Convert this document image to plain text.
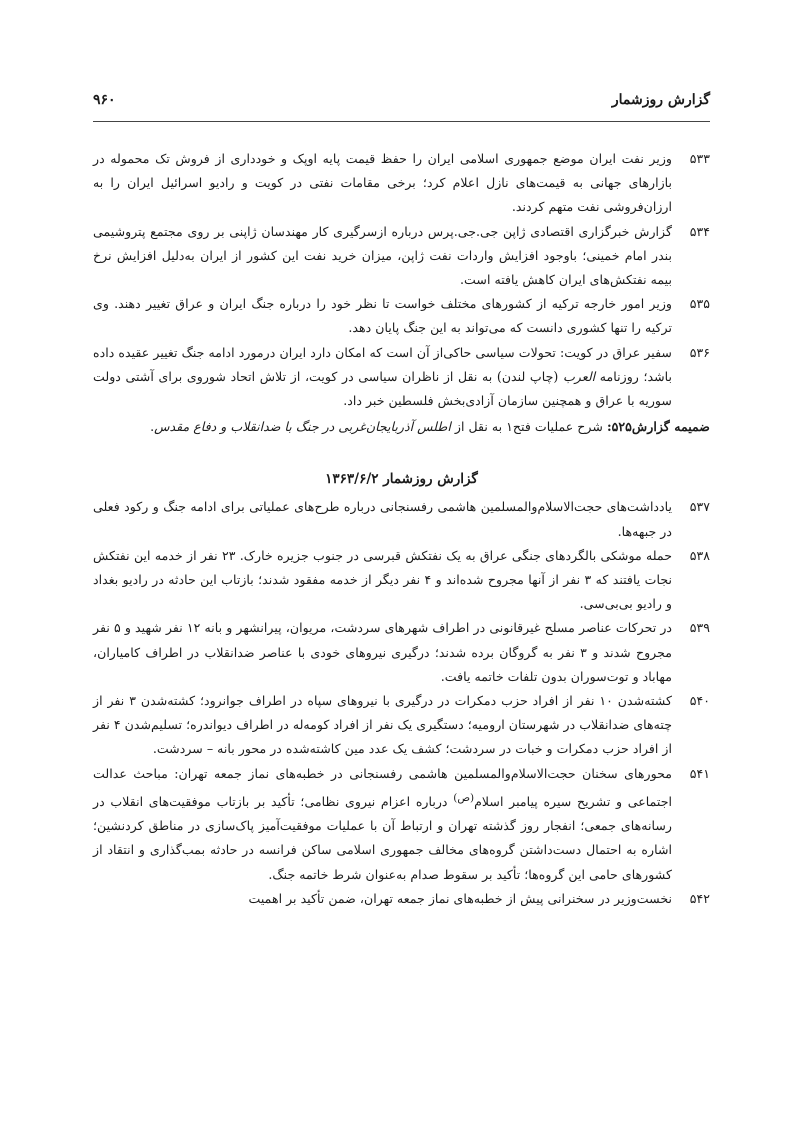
گزارش روزشمار
۹۶۰
۵۳۳
وزیر نفت ایران موضع جمهوری اسلامی ایران را حفظ قیمت پایه اوپک و خودداری از فروش تک محموله در بازارهای جهانی به قیمت‌های نازل اعلام کرد؛ برخی مقامات نفتی در کویت و رادیو اسرائیل ایران را به ارزان‌فروشی نفت متهم کردند.
۵۳۴
گزارش خبرگزاری اقتصادی ژاپن جی.جی.پرس درباره ازسرگیری کار مهندسان ژاپنی بر روی مجتمع پتروشیمی بندر امام خمینی؛ باوجود افزایش واردات نفت ژاپن، میزان خرید نفت این کشور از ایران به‌دلیل افزایش نرخ بیمه نفتکش‌های ایران کاهش یافته است.
۵۳۵
وزیر امور خارجه ترکیه از کشورهای مختلف خواست تا نظر خود را درباره جنگ ایران و عراق تغییر دهند. وی ترکیه را تنها کشوری دانست که می‌تواند به این جنگ پایان دهد.
۵۳۶
سفیر عراق در کویت: تحولات سیاسی حاکی‌از آن است که امکان دارد ایران درمورد ادامه جنگ تغییر عقیده داده باشد؛ روزنامه العرب (چاپ لندن) به نقل از ناظران سیاسی در کویت، از تلاش اتحاد شوروی برای آشتی دولت سوریه با عراق و همچنین سازمان آزادی‌بخش فلسطین خبر داد.
ضمیمه گزارش۵۲۵: شرح عملیات فتح۱ به نقل از اطلس آذربایجان‌غربی در جنگ با ضدانقلاب و دفاع مقدس.
گزارش روزشمار ۱۳۶۳/۶/۲
۵۳۷
یادداشت‌های حجت‌الاسلام‌والمسلمین هاشمی رفسنجانی درباره طرح‌های عملیاتی برای ادامه جنگ و رکود فعلی در جبهه‌ها.
۵۳۸
حمله موشکی بالگردهای جنگی عراق به یک نفتکش قبرسی در جنوب جزیره خارک. ۲۳ نفر از خدمه این نفتکش نجات یافتند که ۳ نفر از آنها مجروح شده‌اند و ۴ نفر دیگر از خدمه مفقود شدند؛ بازتاب این حادثه در رادیو بغداد و رادیو بی‌بی‌سی.
۵۳۹
در تحرکات عناصر مسلح غیرقانونی در اطراف شهرهای سردشت، مریوان، پیرانشهر و بانه ۱۲ نفر شهید و ۵ نفر مجروح شدند و ۳ نفر به گروگان برده شدند؛ درگیری نیروهای خودی با عناصر ضدانقلاب در اطراف کامیاران، مهاباد و توت‌سوران بدون تلفات خاتمه یافت.
۵۴۰
کشته‌شدن ۱۰ نفر از افراد حزب دمکرات در درگیری با نیروهای سپاه در اطراف جوانرود؛ کشته‌شدن ۳ نفر از چته‌های ضدانقلاب در شهرستان ارومیه؛ دستگیری یک نفر از افراد کومه‌له در اطراف دیواندره؛ تسلیم‌شدن ۴ نفر از افراد حزب دمکرات و خبات در سردشت؛ کشف یک عدد مین کاشته‌شده در محور بانه – سردشت.
۵۴۱
محورهای سخنان حجت‌الاسلام‌والمسلمین هاشمی رفسنجانی در خطبه‌های نماز جمعه تهران: مباحث عدالت اجتماعی و تشریح سیره پیامبر اسلام$^{(ص)}$ درباره اعزام نیروی نظامی؛ تأکید بر بازتاب موفقیت‌های انقلاب در رسانه‌های جمعی؛ انفجار روز گذشته تهران و ارتباط آن با عملیات موفقیت‌آمیز پاک‌سازی در مناطق کردنشین؛ اشاره به احتمال دست‌داشتن گروه‌های مخالف جمهوری اسلامی ساکن فرانسه در حادثه بمب‌گذاری و انتقاد از کشورهای حامی این گروه‌ها؛ تأکید بر سقوط صدام به‌عنوان شرط خاتمه جنگ.
۵۴۲
نخست‌وزیر در سخنرانی پیش از خطبه‌های نماز جمعه تهران، ضمن تأکید بر اهمیت
